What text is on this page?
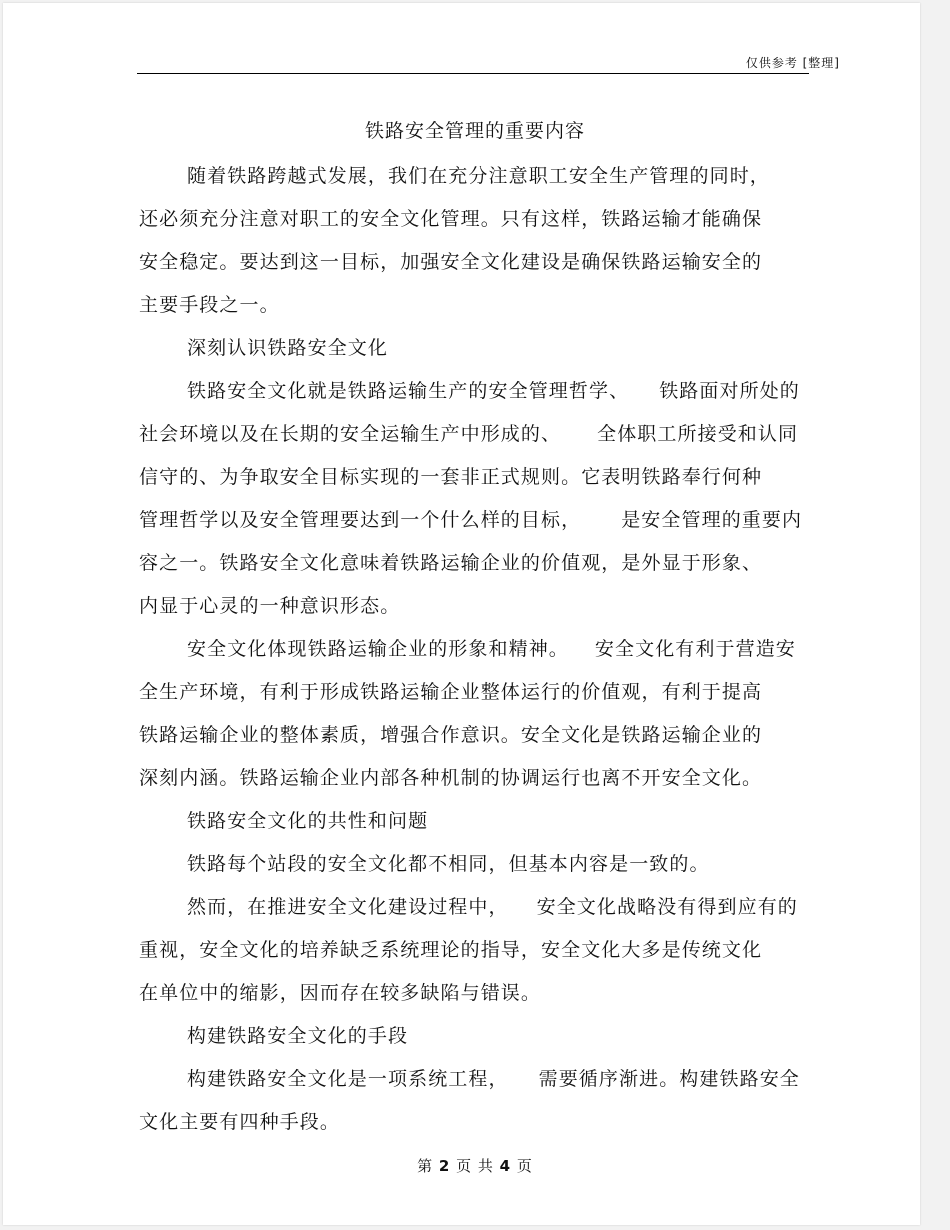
仅供参考 [整理]
铁路安全管理的重要内容
随着铁路跨越式发展，我们在充分注意职工安全生产管理的同时，
还必须充分注意对职工的安全文化管理。只有这样，铁路运输才能确保
安全稳定。要达到这一目标，加强安全文化建设是确保铁路运输安全的
主要手段之一。
深刻认识铁路安全文化
铁路安全文化就是铁路运输生产的安全管理哲学、 铁路面对所处的
社会环境以及在长期的安全运输生产中形成的、 全体职工所接受和认同
信守的、为争取安全目标实现的一套非正式规则。它表明铁路奉行何种
管理哲学以及安全管理要达到一个什么样的目标， 是安全管理的重要内
容之一。铁路安全文化意味着铁路运输企业的价值观，是外显于形象、
内显于心灵的一种意识形态。
安全文化体现铁路运输企业的形象和精神。 安全文化有利于营造安
全生产环境，有利于形成铁路运输企业整体运行的价值观，有利于提高
铁路运输企业的整体素质，增强合作意识。安全文化是铁路运输企业的
深刻内涵。铁路运输企业内部各种机制的协调运行也离不开安全文化。
铁路安全文化的共性和问题
铁路每个站段的安全文化都不相同，但基本内容是一致的。
然而，在推进安全文化建设过程中， 安全文化战略没有得到应有的
重视，安全文化的培养缺乏系统理论的指导，安全文化大多是传统文化
在单位中的缩影，因而存在较多缺陷与错误。
构建铁路安全文化的手段
构建铁路安全文化是一项系统工程， 需要循序渐进。构建铁路安全
文化主要有四种手段。
第 2 页 共 4 页
